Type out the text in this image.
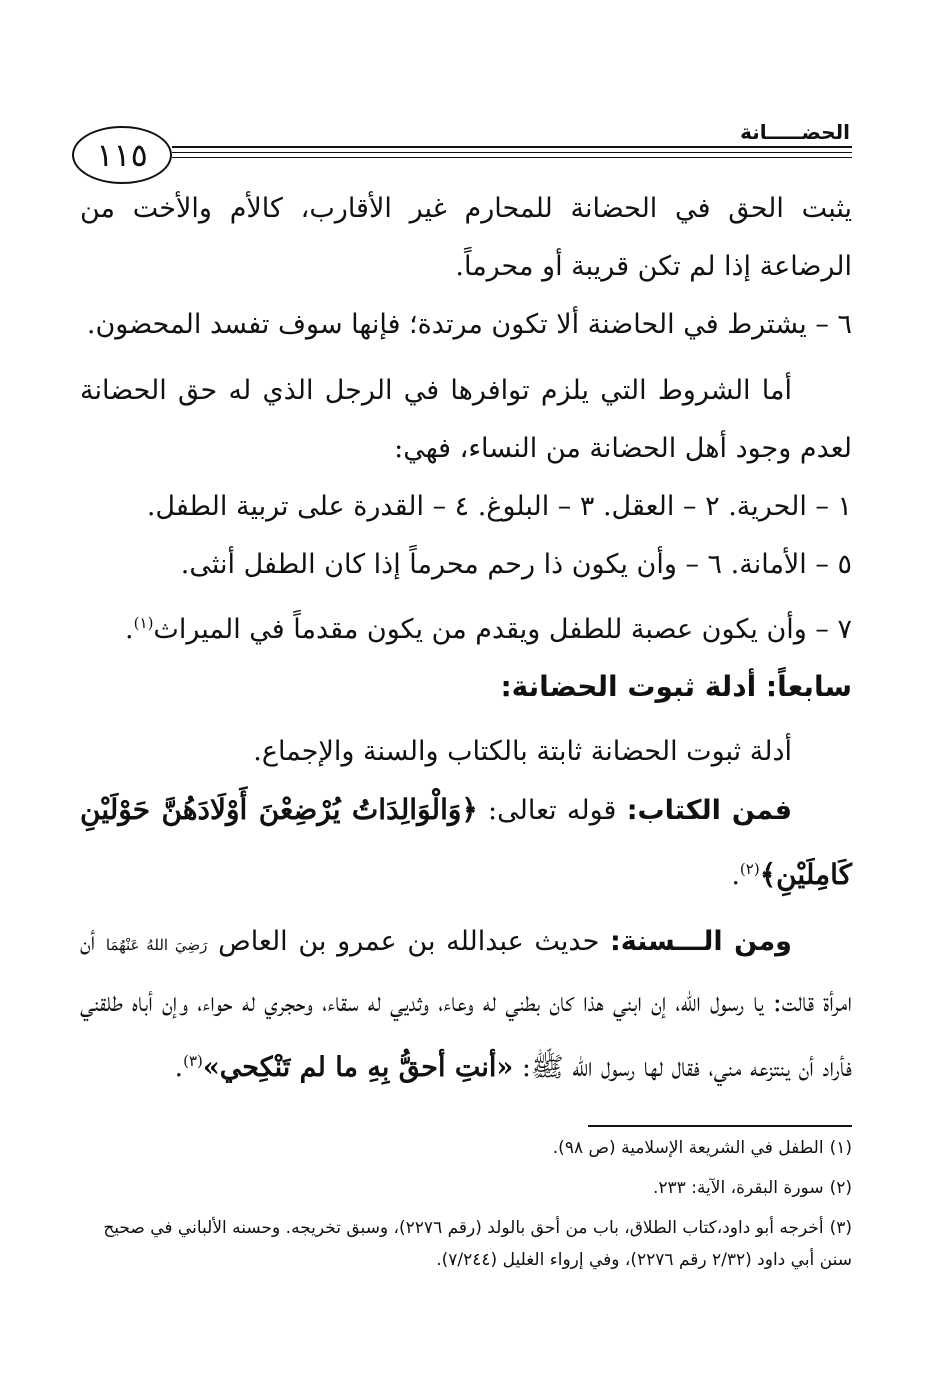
الحضـــــانة
١١٥

يثبت الحق في الحضانة للمحارم غير الأقارب، كالأم والأخت من الرضاعة إذا لم تكن قريبة أو محرماً.

٦ – يشترط في الحاضنة ألا تكون مرتدة؛ فإنها سوف تفسد المحضون.

أما الشروط التي يلزم توافرها في الرجل الذي له حق الحضانة لعدم وجود أهل الحضانة من النساء، فهي:

١ – الحرية. ٢ – العقل. ٣ – البلوغ. ٤ – القدرة على تربية الطفل.

٥ – الأمانة. ٦ – وأن يكون ذا رحم محرماً إذا كان الطفل أنثى.

٧ – وأن يكون عصبة للطفل ويقدم من يكون مقدماً في الميراث$^{(١)}$.

سابعاً: أدلة ثبوت الحضانة:

أدلة ثبوت الحضانة ثابتة بالكتاب والسنة والإجماع.

فمن الكتاب: قوله تعالى: ﴿وَالْوَالِدَاتُ يُرْضِعْنَ أَوْلَادَهُنَّ حَوْلَيْنِ كَامِلَيْنِ﴾$^{(٢)}$.

ومن الـــسنة: حديث عبدالله بن عمرو بن العاص رَضِيَ اللهُ عَنْهُمَا أن امرأة قالت: يا رسول الله، إن ابني هذا كان بطني له وعاء، وثديي له سقاء، وحجري له حواء، وإن أباه طلقني فأراد أن ينتزعه مني، فقال لها رسول الله ﷺ: «أنتِ أحقُّ بِهِ ما لم تَنْكِحي»$^{(٣)}$.

(١)الطفل في الشريعة الإسلامية (ص ٩٨).

(٢)سورة البقرة، الآية: ٢٣٣.

(٣)أخرجه أبو داود،كتاب الطلاق، باب من أحق بالولد (رقم ٢٢٧٦)، وسبق تخريجه. وحسنه الألباني في صحيح سنن أبي داود (٢/٣٢ رقم ٢٢٧٦)، وفي إرواء الغليل (٧/٢٤٤).
